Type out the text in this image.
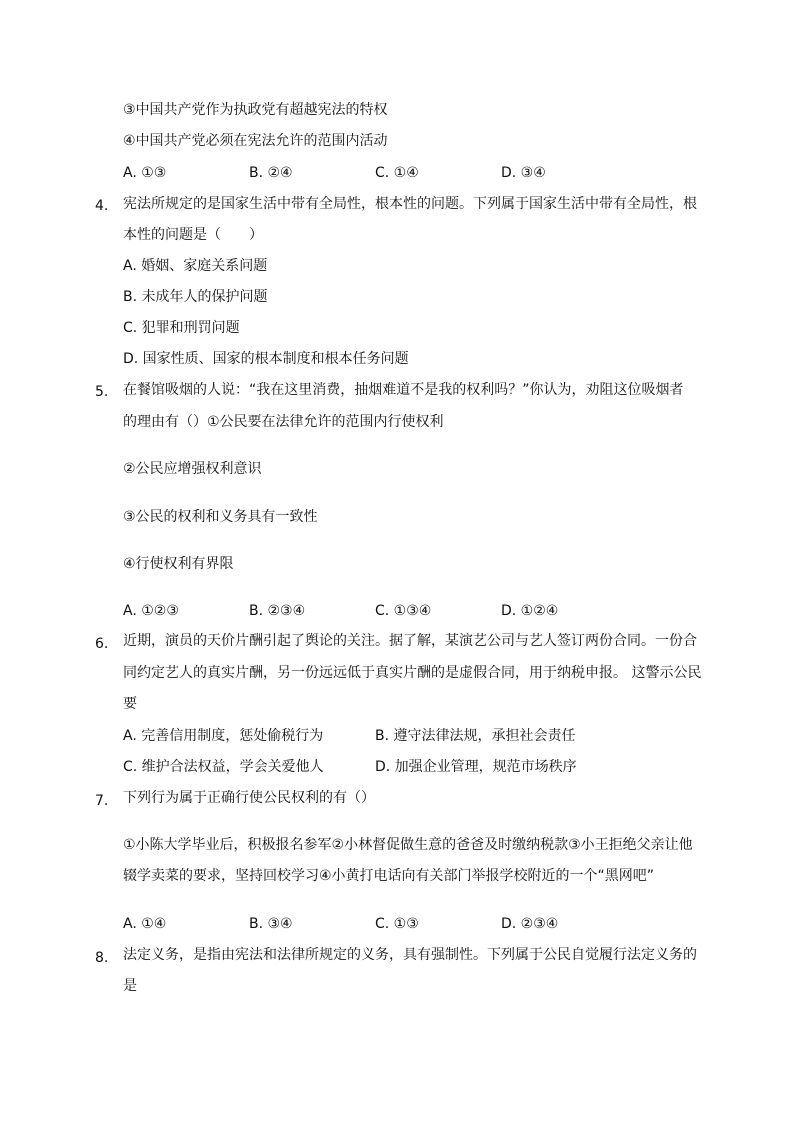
③中国共产党作为执政党有超越宪法的特权
④中国共产党必须在宪法允许的范围内活动
A. ①③	B. ②④	C. ①④	D. ③④
4. 宪法所规定的是国家生活中带有全局性，根本性的问题。下列属于国家生活中带有全局性，根
本性的问题是（　　）
A. 婚姻、家庭关系问题
B. 未成年人的保护问题
C. 犯罪和刑罚问题
D. 国家性质、国家的根本制度和根本任务问题
5. 在餐馆吸烟的人说：“我在这里消费，抽烟难道不是我的权利吗？”你认为，劝阻这位吸烟者
的理由有（）①公民要在法律允许的范围内行使权利
②公民应增强权利意识
③公民的权利和义务具有一致性
④行使权利有界限
A. ①②③	B. ②③④	C. ①③④	D. ①②④
6. 近期，演员的天价片酬引起了舆论的关注。据了解，某演艺公司与艺人签订两份合同。一份合
同约定艺人的真实片酬，另一份远远低于真实片酬的是虚假合同，用于纳税申报。 这警示公民
要
A. 完善信用制度，惩处偷税行为	B. 遵守法律法规，承担社会责任
C. 维护合法权益，学会关爱他人	D. 加强企业管理，规范市场秩序
7. 下列行为属于正确行使公民权利的有（）
①小陈大学毕业后，积极报名参军②小林督促做生意的爸爸及时缴纳税款③小王拒绝父亲让他
辍学卖菜的要求，坚持回校学习④小黄打电话向有关部门举报学校附近的一个“黑网吧”
A. ①④	B. ③④	C. ①③	D. ②③④
8. 法定义务，是指由宪法和法律所规定的义务，具有强制性。下列属于公民自觉履行法定义务的
是
